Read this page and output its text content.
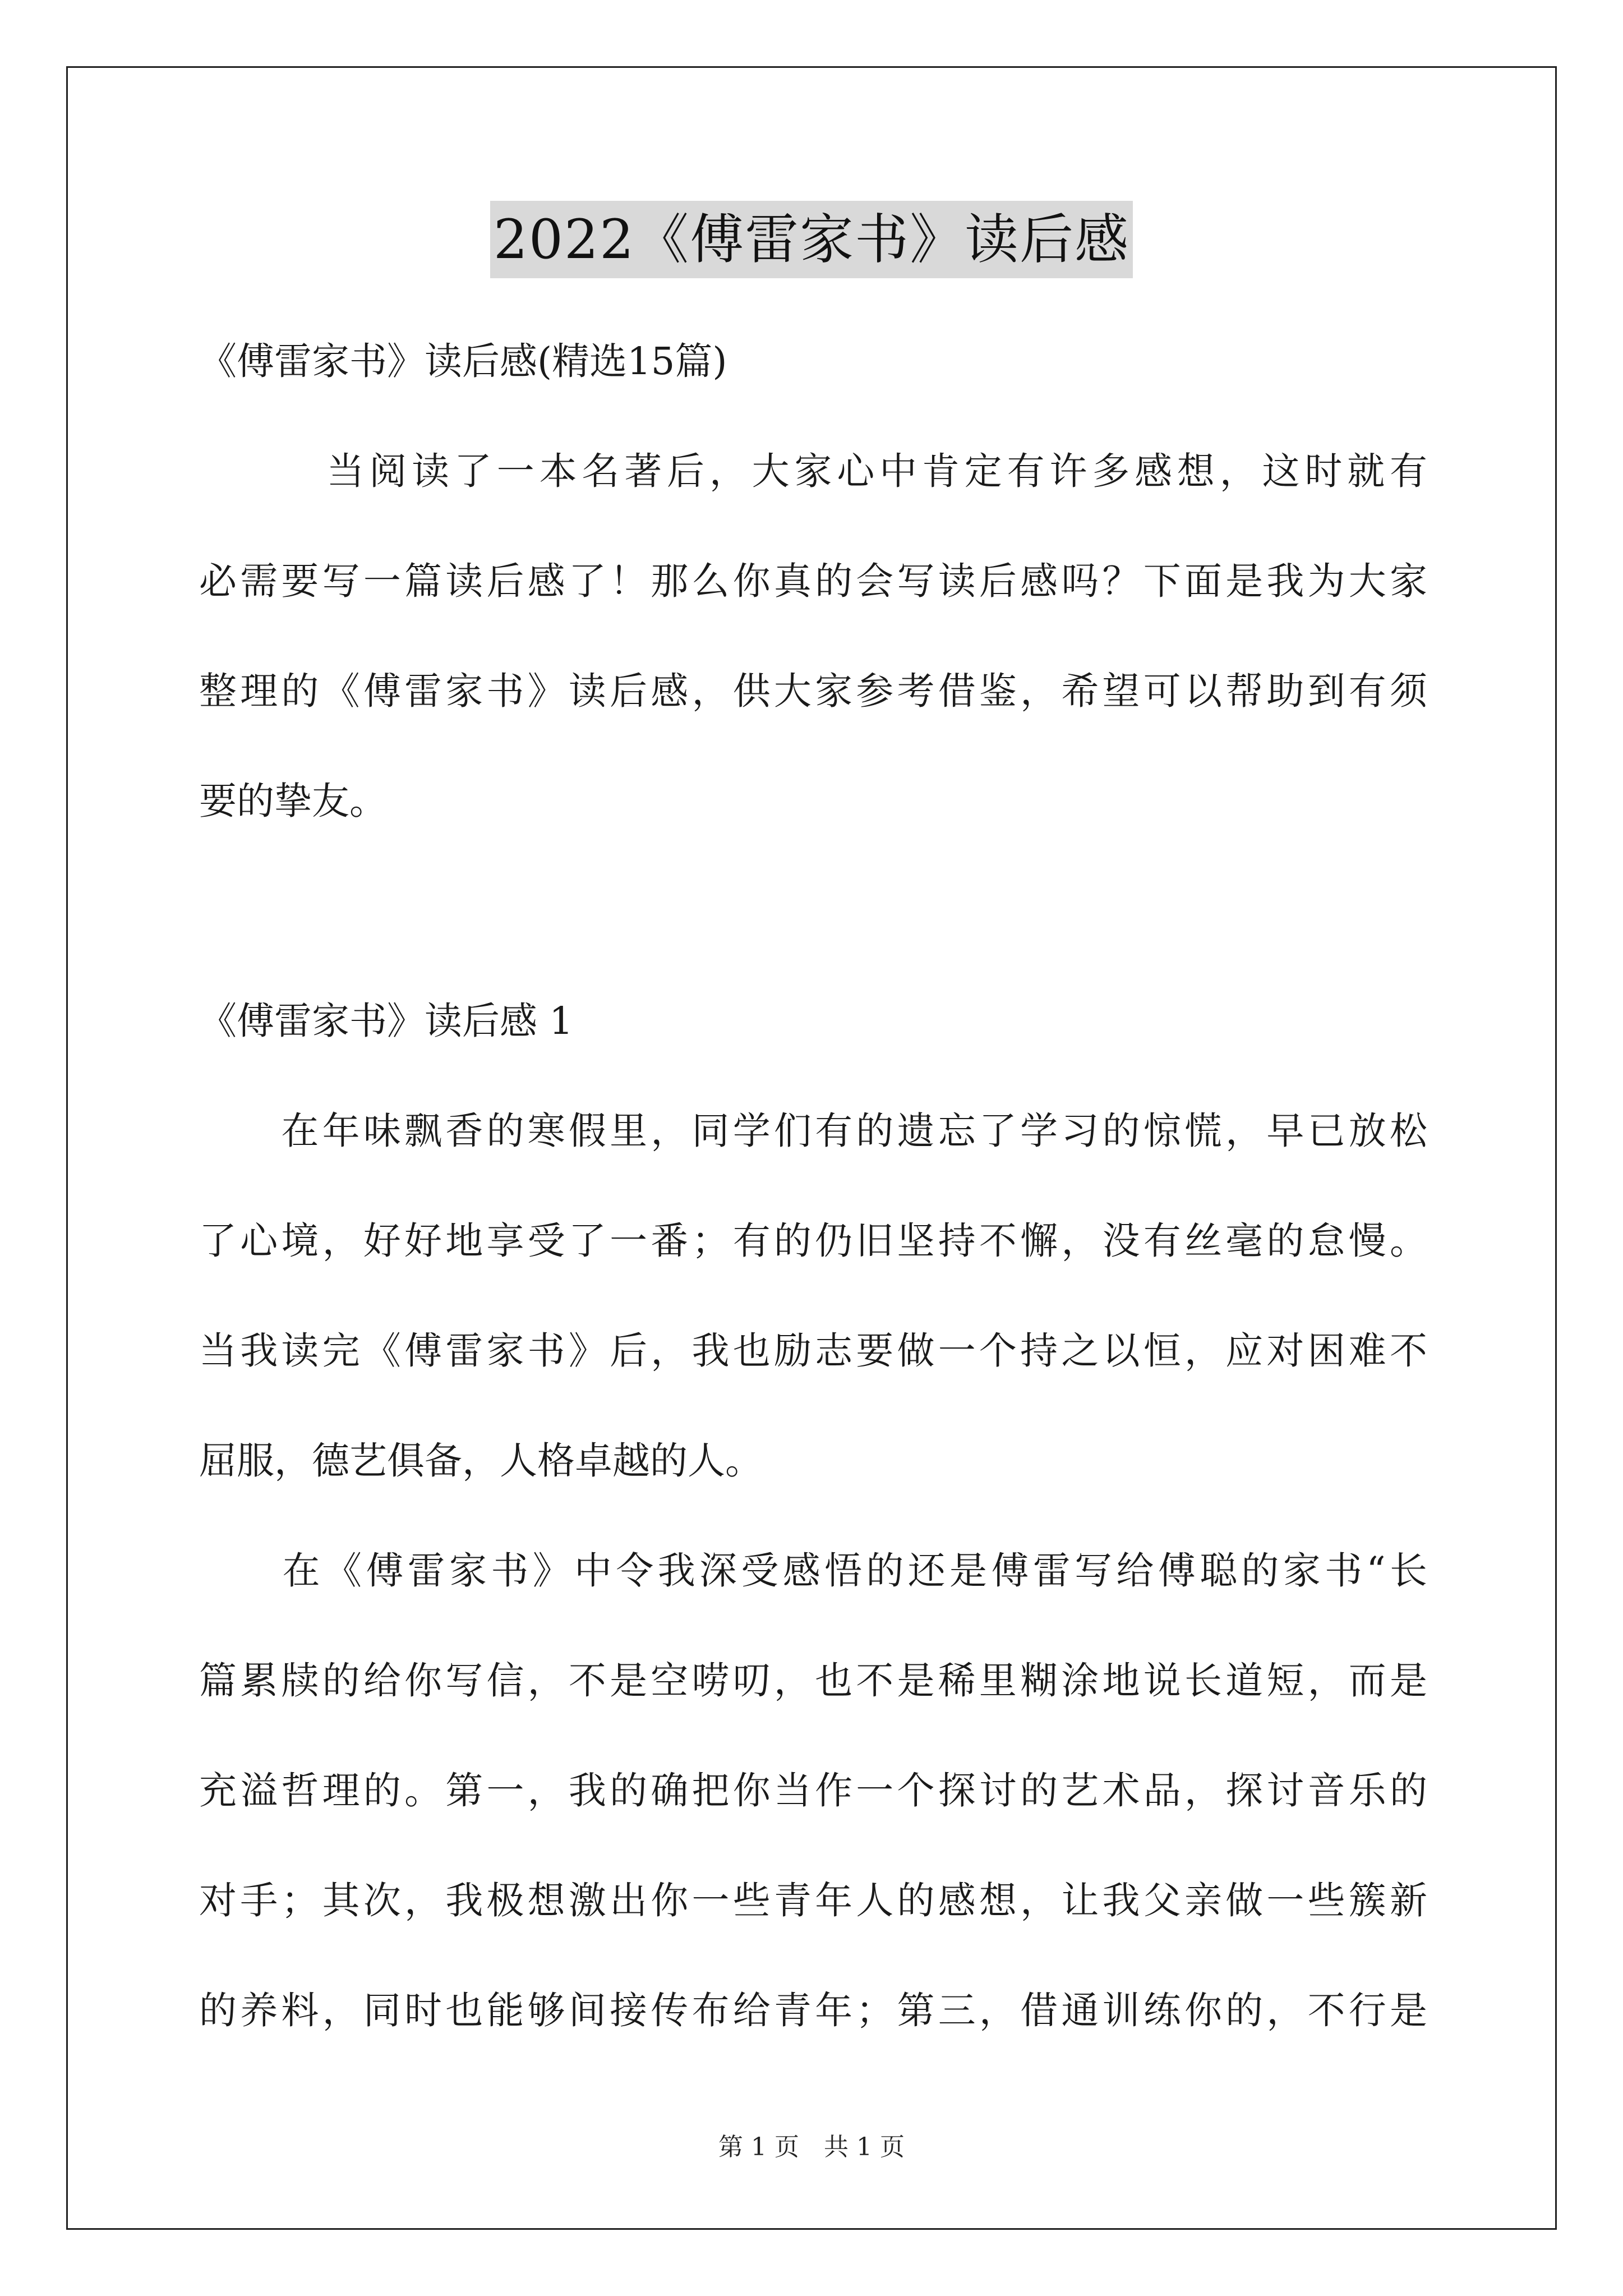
2022《傅雷家书》读后感
《傅雷家书》读后感(精选15篇)
　　　当阅读了一本名著后，大家心中肯定有许多感想，这时就有
必需要写一篇读后感了！那么你真的会写读后感吗？下面是我为大家
整理的《傅雷家书》读后感，供大家参考借鉴，希望可以帮助到有须
要的挚友。
《傅雷家书》读后感 1
　　在年味飘香的寒假里，同学们有的遗忘了学习的惊慌，早已放松
了心境，好好地享受了一番；有的仍旧坚持不懈，没有丝毫的怠慢。
当我读完《傅雷家书》后，我也励志要做一个持之以恒，应对困难不
屈服，德艺俱备，人格卓越的人。
　　在《傅雷家书》中令我深受感悟的还是傅雷写给傅聪的家书“长
篇累牍的给你写信，不是空唠叨，也不是稀里糊涂地说长道短，而是
充溢哲理的。第一，我的确把你当作一个探讨的艺术品，探讨音乐的
对手；其次，我极想激出你一些青年人的感想，让我父亲做一些簇新
的养料，同时也能够间接传布给青年；第三，借通训练你的，不行是
第 1 页　共 1 页
